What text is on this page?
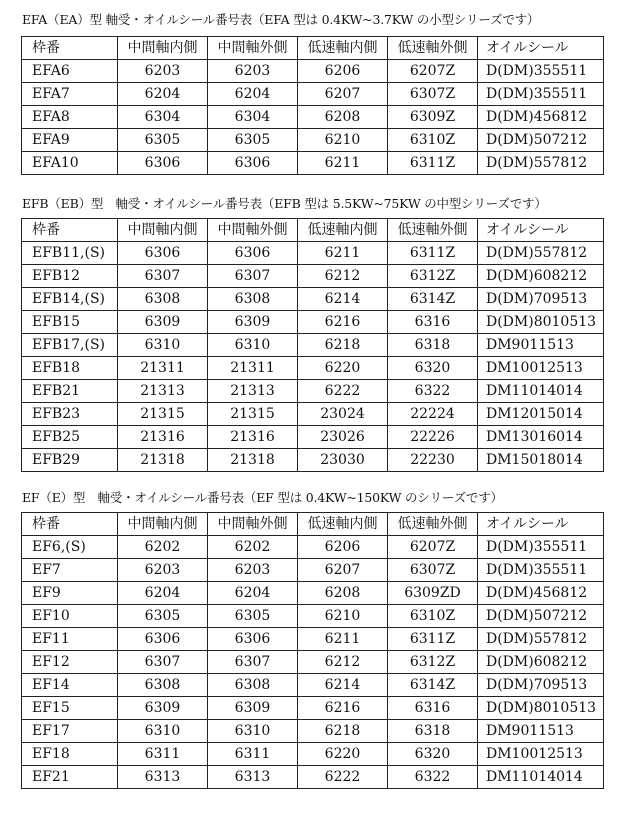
EFA（EA）型 軸受・オイルシール番号表（EFA 型は 0.4KW~3.7KW の小型シリーズです）
枠番	中間軸内側	中間軸外側	低速軸内側	低速軸外側	オイルシール
EFA6	6203	6203	6206	6207Z	D(DM)355511
EFA7	6204	6204	6207	6307Z	D(DM)355511
EFA8	6304	6304	6208	6309Z	D(DM)456812
EFA9	6305	6305	6210	6310Z	D(DM)507212
EFA10	6306	6306	6211	6311Z	D(DM)557812
EFB（EB）型　軸受・オイルシール番号表（EFB 型は 5.5KW~75KW の中型シリーズです）
枠番	中間軸内側	中間軸外側	低速軸内側	低速軸外側	オイルシール
EFB11,(S)	6306	6306	6211	6311Z	D(DM)557812
EFB12	6307	6307	6212	6312Z	D(DM)608212
EFB14,(S)	6308	6308	6214	6314Z	D(DM)709513
EFB15	6309	6309	6216	6316	D(DM)8010513
EFB17,(S)	6310	6310	6218	6318	DM9011513
EFB18	21311	21311	6220	6320	DM10012513
EFB21	21313	21313	6222	6322	DM11014014
EFB23	21315	21315	23024	22224	DM12015014
EFB25	21316	21316	23026	22226	DM13016014
EFB29	21318	21318	23030	22230	DM15018014
EF（E）型　軸受・オイルシール番号表（EF 型は 0.4KW~150KW のシリーズです）
枠番	中間軸内側	中間軸外側	低速軸内側	低速軸外側	オイルシール
EF6,(S)	6202	6202	6206	6207Z	D(DM)355511
EF7	6203	6203	6207	6307Z	D(DM)355511
EF9	6204	6204	6208	6309ZD	D(DM)456812
EF10	6305	6305	6210	6310Z	D(DM)507212
EF11	6306	6306	6211	6311Z	D(DM)557812
EF12	6307	6307	6212	6312Z	D(DM)608212
EF14	6308	6308	6214	6314Z	D(DM)709513
EF15	6309	6309	6216	6316	D(DM)8010513
EF17	6310	6310	6218	6318	DM9011513
EF18	6311	6311	6220	6320	DM10012513
EF21	6313	6313	6222	6322	DM11014014
